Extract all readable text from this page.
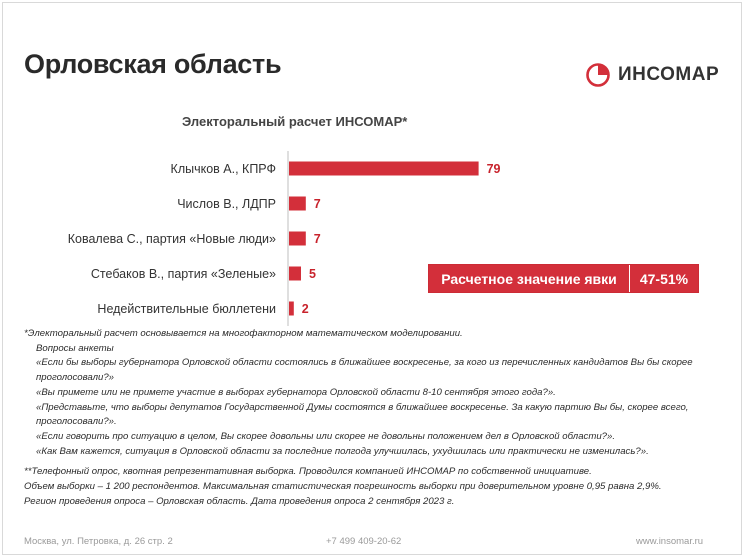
Орловская область	ИНСОМАР
Электоральный расчет ИНСОМАР*
Клычков А., КПРФ	79
Числов В., ЛДПР	7
Ковалева С., партия «Новые люди»	7
Стебаков В., партия «Зеленые»	5
Недействительные бюллетени 2
Расчетное значение явки	47-51%

*Электоральный расчет основывается на многофакторном математическом моделировании.

Вопросы анкеты

«Если бы выборы губернатора Орловской области состоялись в ближайшее воскресенье, за кого из перечисленных кандидатов Вы бы скорее проголосовали?»

«Вы примете или не примете участие в выборах губернатора Орловской области 8-10 сентября этого года?».

«Представьте, что выборы депутатов Государственной Думы состоятся в ближайшее воскресенье. За какую партию Вы бы, скорее всего, проголосовали?».

«Если говорить про ситуацию в целом, Вы скорее довольны или скорее не довольны положением дел в Орловской области?».

«Как Вам кажется, ситуация в Орловской области за последние полгода улучшилась, ухудшилась или практически не изменилась?».

**Телефонный опрос, квотная репрезентативная выборка. Проводился компанией ИНСОМАР по собственной инициативе.

Объем выборки – 1 200 респондентов. Максимальная статистическая погрешность выборки при доверительном уровне 0,95 равна 2,9%.

Регион проведения опроса – Орловская область. Дата проведения опроса 2 сентября 2023 г.

Москва, ул. Петровка, д. 26 стр. 2	+7 499 409-20-62	www.insomar.ru
